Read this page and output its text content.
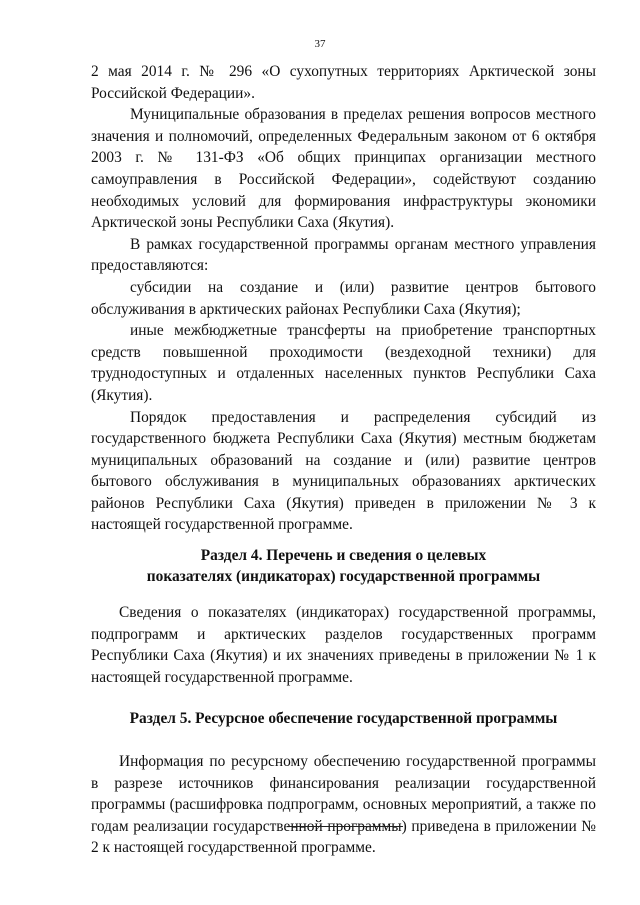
37

2 мая 2014 г. № 296 «О сухопутных территориях Арктической зоны Российской Федерации».

Муниципальные образования в пределах решения вопросов местного значения и полномочий, определенных Федеральным законом от 6 октября 2003 г. № 131-ФЗ «Об общих принципах организации местного самоуправления в Российской Федерации», содействуют созданию необходимых условий для формирования инфраструктуры экономики Арктической зоны Республики Саха (Якутия).

В рамках государственной программы органам местного управления предоставляются:

субсидии на создание и (или) развитие центров бытового обслуживания в арктических районах Республики Саха (Якутия);

иные межбюджетные трансферты на приобретение транспортных средств повышенной проходимости (вездеходной техники) для труднодоступных и отдаленных населенных пунктов Республики Саха (Якутия).

Порядок предоставления и распределения субсидий из государственного бюджета Республики Саха (Якутия) местным бюджетам муниципальных образований на создание и (или) развитие центров бытового обслуживания в муниципальных образованиях арктических районов Республики Саха (Якутия) приведен в приложении № 3 к настоящей государственной программе.

Раздел 4. Перечень и сведения о целевых
показателях (индикаторах) государственной программы

Сведения о показателях (индикаторах) государственной программы, подпрограмм и арктических разделов государственных программ Республики Саха (Якутия) и их значениях приведены в приложении № 1 к настоящей государственной программе.

Раздел 5. Ресурсное обеспечение государственной программы

Информация по ресурсному обеспечению государственной программы в разрезе источников финансирования реализации государственной программы (расшифровка подпрограмм, основных мероприятий, а также по годам реализации государственной программы) приведена в приложении № 2 к настоящей государственной программе.
